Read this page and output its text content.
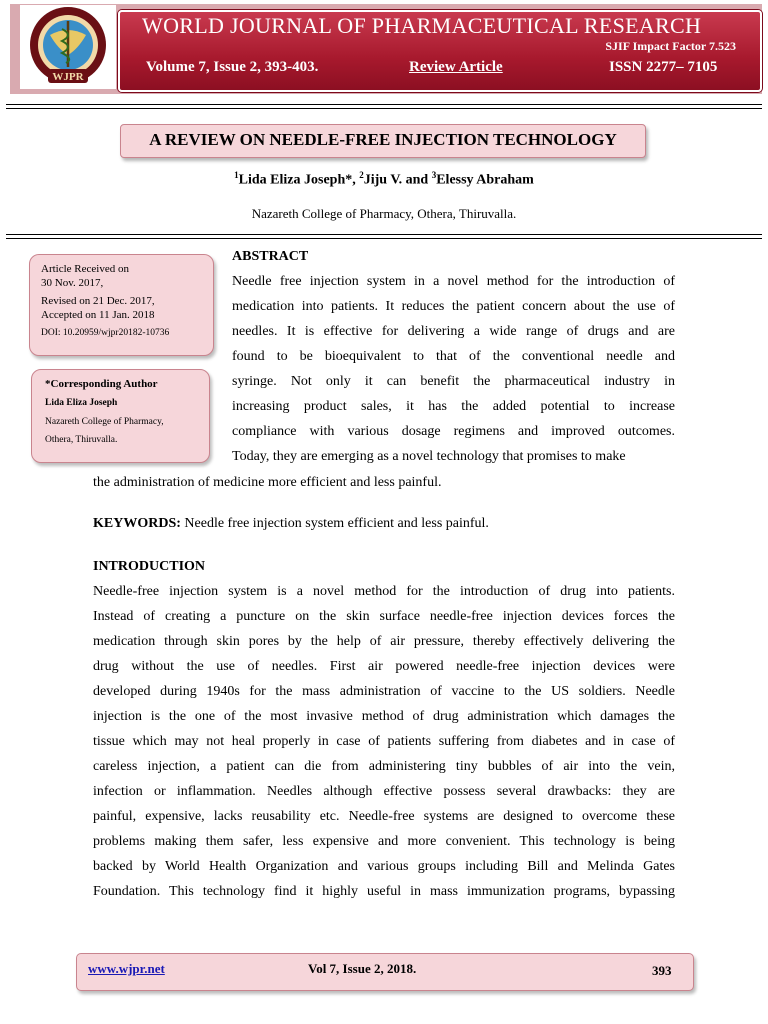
WJPR
WORLD JOURNAL OF PHARMACEUTICAL RESEARCH
SJIF Impact Factor 7.523
Volume 7, Issue 2, 393-403.	Review Article	ISSN 2277– 7105
A REVIEW ON NEEDLE-FREE INJECTION TECHNOLOGY
$^1$Lida Eliza Joseph*, $^2$Jiju V. and $^3$Elessy Abraham
Nazareth College of Pharmacy, Othera, Thiruvalla.
Article Received on
30 Nov. 2017,
Revised on 21 Dec. 2017,
Accepted on 11 Jan. 2018
DOI: 10.20959/wjpr20182-10736
*Corresponding Author
Lida Eliza Joseph
Nazareth College of Pharmacy,
Othera, Thiruvalla.
ABSTRACT
Needle free injection system in a novel method for the introduction of
medication into patients. It reduces the patient concern about the use of
needles. It is effective for delivering a wide range of drugs and are
found to be bioequivalent to that of the conventional needle and
syringe. Not only it can benefit the pharmaceutical industry in
increasing product sales, it has the added potential to increase
compliance with various dosage regimens and improved outcomes.
Today, they are emerging as a novel technology that promises to make
the administration of medicine more efficient and less painful.
KEYWORDS: Needle free injection system efficient and less painful.
INTRODUCTION
Needle-free injection system is a novel method for the introduction of drug into patients.
Instead of creating a puncture on the skin surface needle-free injection devices forces the
medication through skin pores by the help of air pressure, thereby effectively delivering the
drug without the use of needles. First air powered needle-free injection devices were
developed during 1940s for the mass administration of vaccine to the US soldiers. Needle
injection is the one of the most invasive method of drug administration which damages the
tissue which may not heal properly in case of patients suffering from diabetes and in case of
careless injection, a patient can die from administering tiny bubbles of air into the vein,
infection or inflammation. Needles although effective possess several drawbacks: they are
painful, expensive, lacks reusability etc. Needle-free systems are designed to overcome these
problems making them safer, less expensive and more convenient. This technology is being
backed by World Health Organization and various groups including Bill and Melinda Gates
Foundation. This technology find it highly useful in mass immunization programs, bypassing
www.wjpr.net	Vol 7, Issue 2, 2018.	393
